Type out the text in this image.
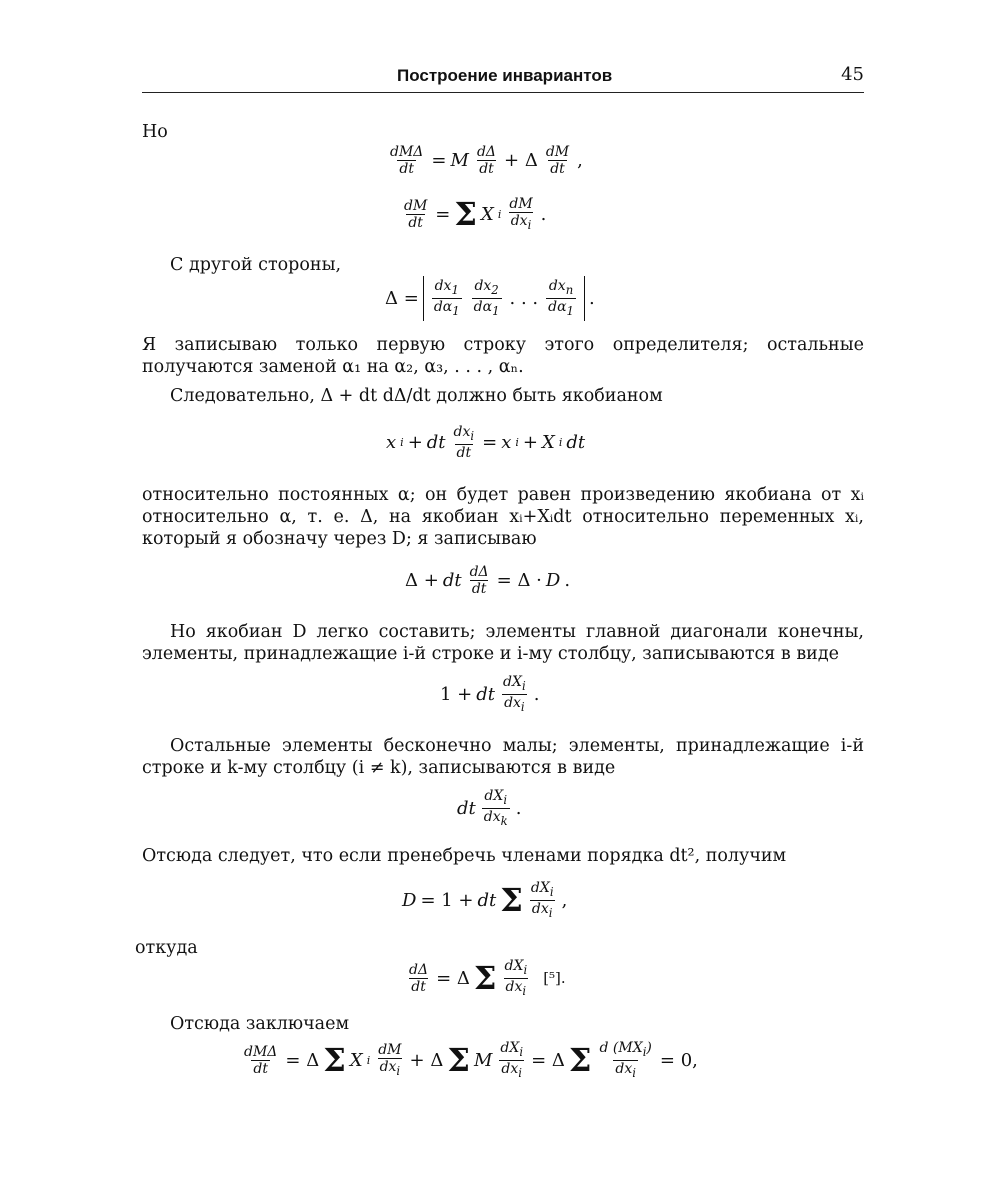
Построение инвариантов	45
Но
dMΔ
dt = M $\frac{d\Delta}{dt} + \Delta$ dM
dt ,
$\frac{dM}{dt} = \Sigma$ X i
dM
$dx_i$ .
С другой стороны,
Δ =
$dx_1$
$d\alpha_1$
$dx_2$
$d\alpha_1$
. . .
$dx_n$
$d\alpha_1$
.
Я записываю только первую строку этого определителя; остальные получаются заменой α₁ на α₂, α₃, . . . , αₙ.
Следовательно, Δ + dt dΔ/dt должно быть якобианом
x i + dt $dx_i$
dt = x i + X i dt
относительно постоянных α; он будет равен произведению якобиана от xᵢ относительно α, т. е. Δ, на якобиан xᵢ+Xᵢdt относительно переменных xᵢ, который я обозначу через D; я записываю
Δ + dt $\frac{d\Delta}{dt} = \Delta \cdot D$ .
Но якобиан D легко составить; элементы главной диагонали конечны, элементы, принадлежащие i-й строке и i-му столбцу, записываются в виде
1 + dt
$dX_i$
$dx_i$
.
Остальные элементы бесконечно малы; элементы, принадлежащие i-й строке и k-му столбцу (i ≠ k), записываются в виде
dt
$dX_i$
$dx_k$
.
Отсюда следует, что если пренебречь членами порядка dt², получим
D = 1 + dt Σ $dX_i$
$dx_i$
,
откуда
$\frac{d\Delta}{dt} = \Delta$ Σ $dX_i$
$dx_i$
[⁵].
Отсюда заключаем
dMΔ
dt = Δ Σ X i
dM
$dx_i + \Delta$ Σ M
$dX_i$
$dx_i$
= Δ Σ d $(MX_i)$
$dx_i$
= 0,
